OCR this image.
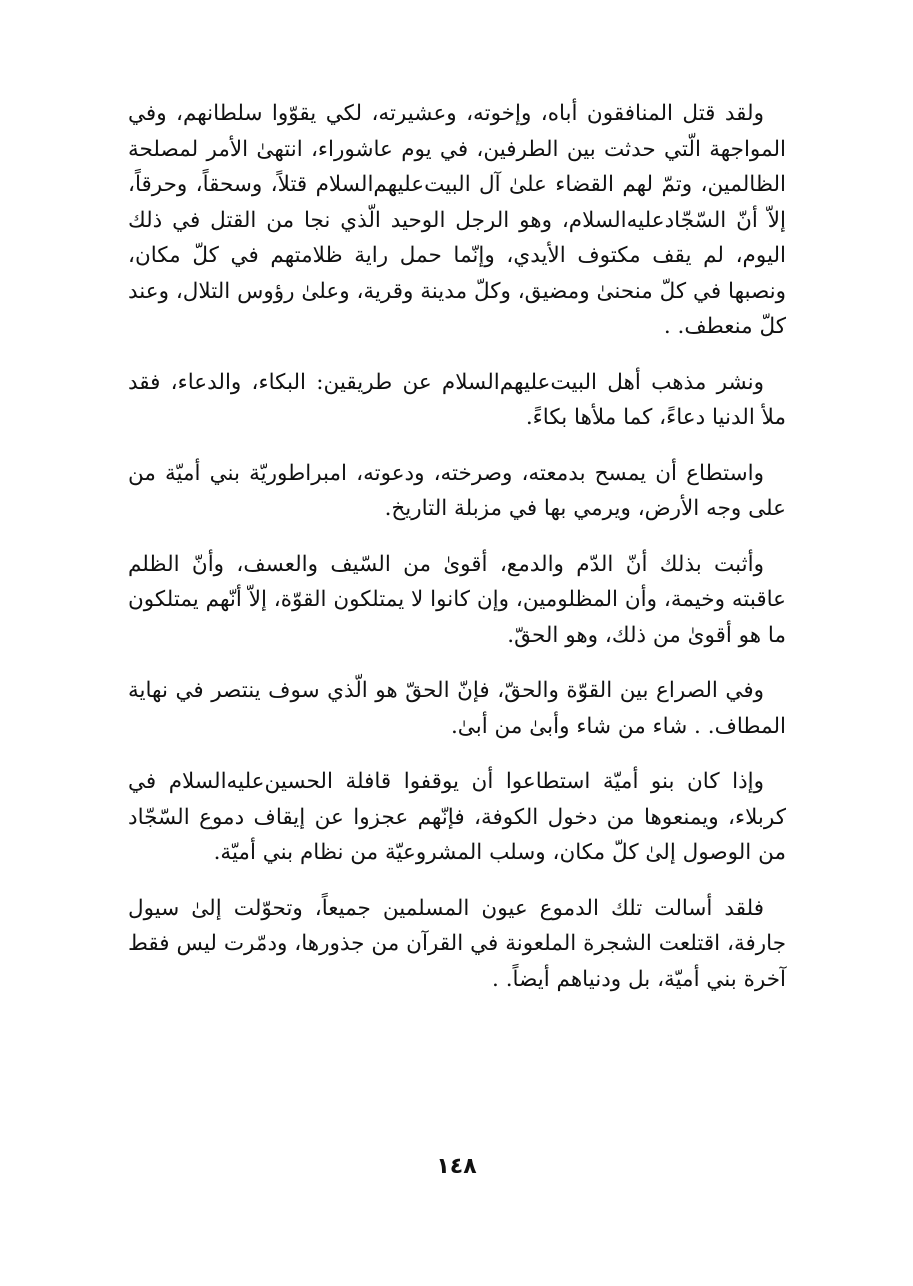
ولقد قتل المنافقون أباه، وإخوته، وعشيرته، لكي يقوّوا سلطانهم، وفي المواجهة الّتي حدثت بين الطرفين، في يوم عاشوراء، انتهىٰ الأمر لمصلحة الظالمين، وتمّ لهم القضاء علىٰ آل البيت‌عليهم‌السلام قتلاً، وسحقاً، وحرقاً، إلاّ أنّ السّجّادعليه‌السلام، وهو الرجل الوحيد الّذي نجا من القتل في ذلك اليوم، لم يقف مكتوف الأيدي، وإنّما حمل راية ظلامتهم في كلّ مكان، ونصبها في كلّ منحنىٰ ومضيق، وكلّ مدينة وقرية، وعلىٰ رؤوس التلال، وعند كلّ منعطف. .

ونشر مذهب أهل البيت‌عليهم‌السلام عن طريقين: البكاء، والدعاء، فقد ملأ الدنيا دعاءً، كما ملأها بكاءً.

واستطاع أن يمسح بدمعته، وصرخته، ودعوته، امبراطوريّة بني أميّة من على وجه الأرض، ويرمي بها في مزبلة التاريخ.

وأثبت بذلك أنّ الدّم والدمع، أقوىٰ من السّيف والعسف، وأنّ الظلم عاقبته وخيمة، وأن المظلومين، وإن كانوا لا يمتلكون القوّة، إلاّ أنّهم يمتلكون ما هو أقوىٰ من ذلك، وهو الحقّ.

وفي الصراع بين القوّة والحقّ، فإنّ الحقّ هو الّذي سوف ينتصر في نهاية المطاف. . شاء من شاء وأبىٰ من أبىٰ.

وإذا كان بنو أميّة استطاعوا أن يوقفوا قافلة الحسين‌عليه‌السلام في كربلاء، ويمنعوها من دخول الكوفة، فإنّهم عجزوا عن إيقاف دموع السّجّاد من الوصول إلىٰ كلّ مكان، وسلب المشروعيّة من نظام بني أميّة.

فلقد أسالت تلك الدموع عيون المسلمين جميعاً، وتحوّلت إلىٰ سيول جارفة، اقتلعت الشجرة الملعونة في القرآن من جذورها، ودمّرت ليس فقط آخرة بني أميّة، بل ودنياهم أيضاً. .

١٤٨
